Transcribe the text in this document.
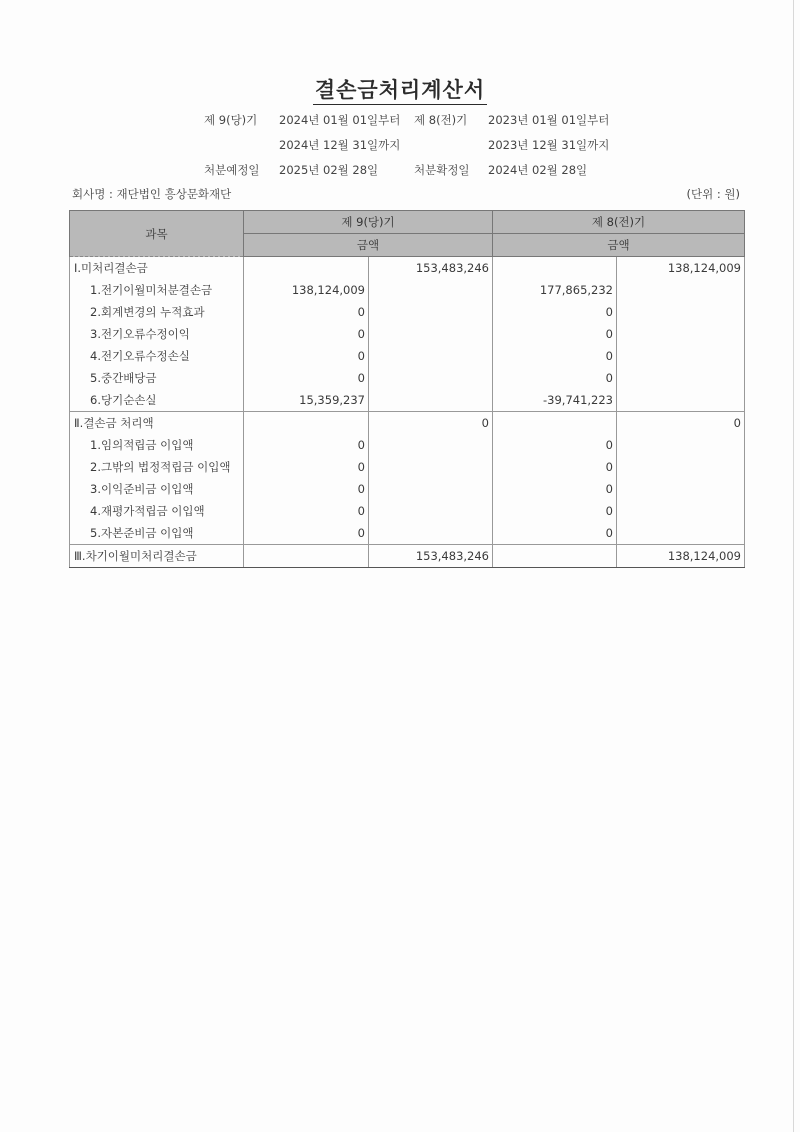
결손금처리계산서
제 9(당)기 2024년 01월 01일부터 제 8(전)기 2023년 01월 01일부터
2024년 12월 31일까지	2023년 12월 31일까지
처분예정일 2025년 02월 28일	처분확정일 2024년 02월 28일
회사명 : 재단법인 흥상문화재단	(단위 : 원)
과목	제 9(당)기		제 8(전)기	
	금액		금액	
Ⅰ.미처리결손금		153,483,246		138,124,009
1.전기이월미처분결손금	138,124,009		177,865,232	
2.회계변경의 누적효과	0		0	
3.전기오류수정이익	0		0	
4.전기오류수정손실	0		0	
5.중간배당금	0		0	
6.당기순손실	15,359,237		-39,741,223	
Ⅱ.결손금 처리액		0		0
1.임의적립금 이입액	0		0	
2.그밖의 법정적립금 이입액	0		0	
3.이익준비금 이입액	0		0	
4.재평가적립금 이입액	0		0	
5.자본준비금 이입액	0		0	
Ⅲ.차기이월미처리결손금		153,483,246		138,124,009
